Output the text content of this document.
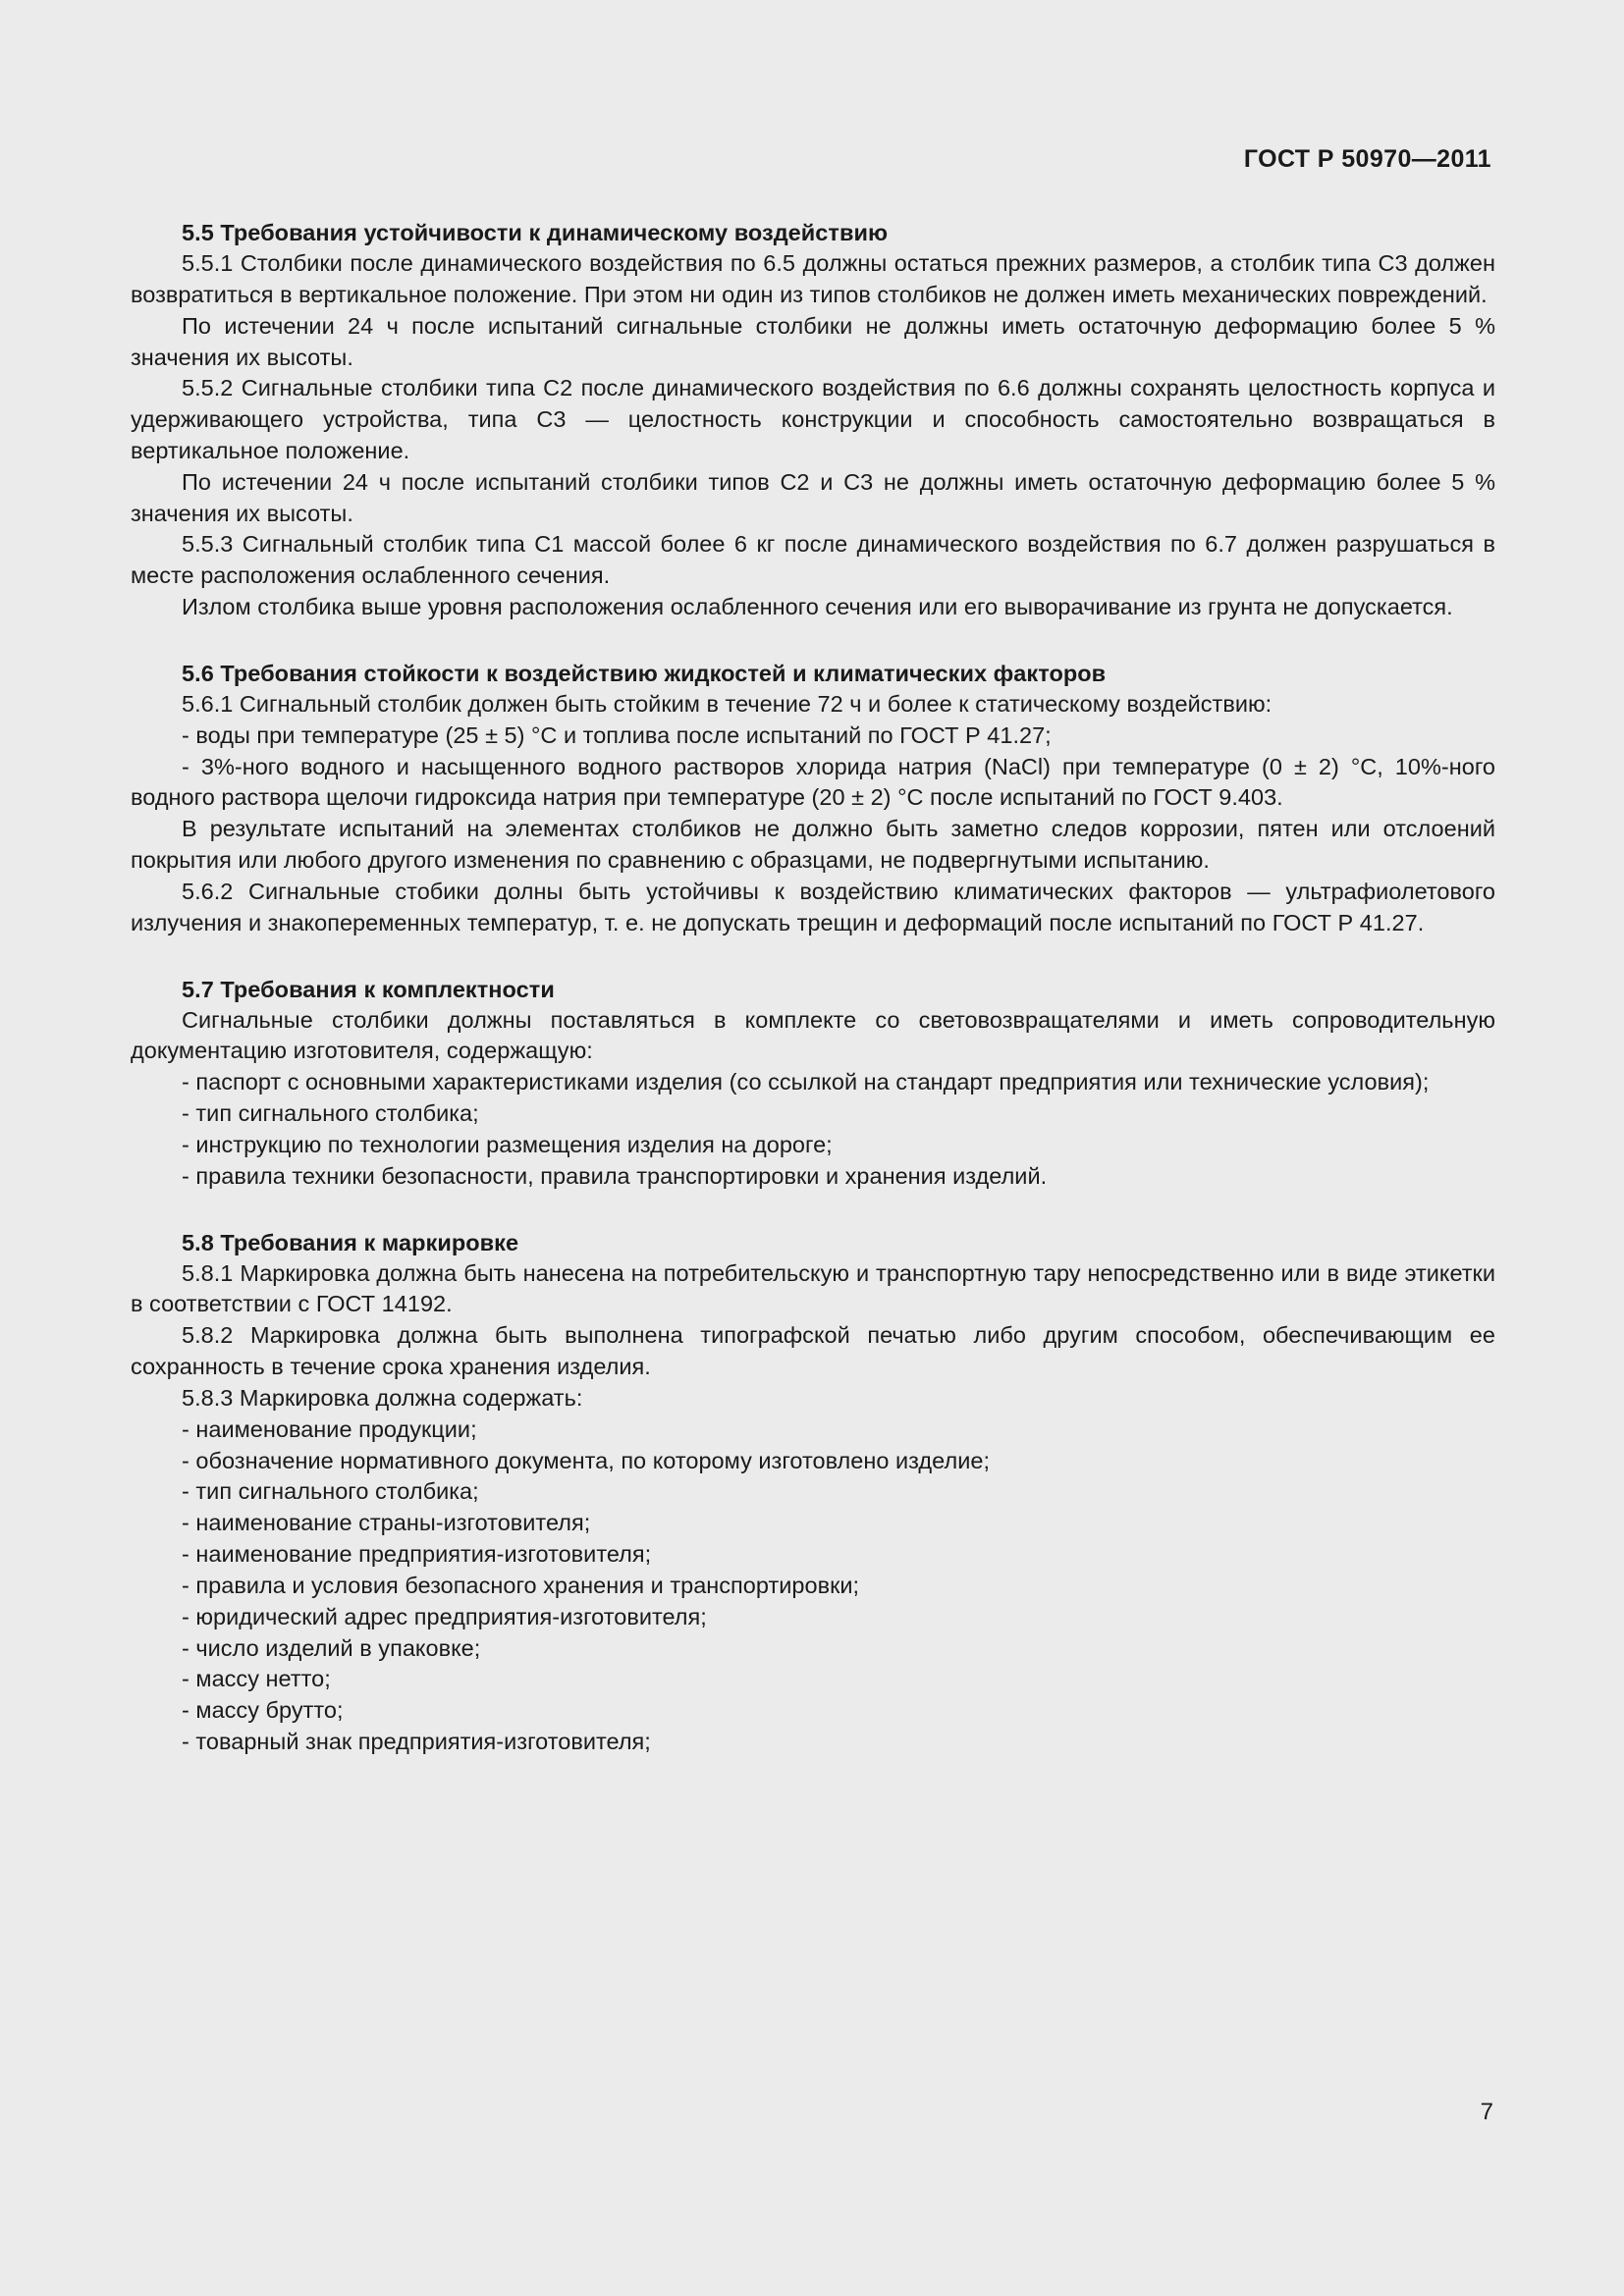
ГОСТ Р 50970—2011
5.5 Требования устойчивости к динамическому воздействию

5.5.1 Столбики после динамического воздействия по 6.5 должны остаться прежних размеров, а столбик типа С3 должен возвратиться в вертикальное положение. При этом ни один из типов столбиков не должен иметь механических повреждений.

По истечении 24 ч после испытаний сигнальные столбики не должны иметь остаточную деформацию более 5 % значения их высоты.

5.5.2 Сигнальные столбики типа С2 после динамического воздействия по 6.6 должны сохранять целостность корпуса и удерживающего устройства, типа С3 — целостность конструкции и способность самостоятельно возвращаться в вертикальное положение.

По истечении 24 ч после испытаний столбики типов С2 и С3 не должны иметь остаточную деформацию более 5 % значения их высоты.

5.5.3 Сигнальный столбик типа С1 массой более 6 кг после динамического воздействия по 6.7 должен разрушаться в месте расположения ослабленного сечения.

Излом столбика выше уровня расположения ослабленного сечения или его выворачивание из грунта не допускается.

5.6 Требования стойкости к воздействию жидкостей и климатических факторов

5.6.1 Сигнальный столбик должен быть стойким в течение 72 ч и более к статическому воздействию:

- воды при температуре (25 ± 5) °С и топлива после испытаний по ГОСТ Р 41.27;

- 3%-ного водного и насыщенного водного растворов хлорида натрия (NaCl) при температуре (0 ± 2) °С, 10%-ного водного раствора щелочи гидроксида натрия при температуре (20 ± 2) °С после испытаний по ГОСТ 9.403.

В результате испытаний на элементах столбиков не должно быть заметно следов коррозии, пятен или отслоений покрытия или любого другого изменения по сравнению с образцами, не подвергнутыми испытанию.

5.6.2 Сигнальные стобики долны быть устойчивы к воздействию климатических факторов — ультрафиолетового излучения и знакопеременных температур, т. е. не допускать трещин и деформаций после испытаний по ГОСТ Р 41.27.

5.7 Требования к комплектности

Сигнальные столбики должны поставляться в комплекте со световозвращателями и иметь сопроводительную документацию изготовителя, содержащую:

- паспорт с основными характеристиками изделия (со ссылкой на стандарт предприятия или технические условия);

- тип сигнального столбика;

- инструкцию по технологии размещения изделия на дороге;

- правила техники безопасности, правила транспортировки и хранения изделий.

5.8 Требования к маркировке

5.8.1 Маркировка должна быть нанесена на потребительскую и транспортную тару непосредственно или в виде этикетки в соответствии с ГОСТ 14192.

5.8.2 Маркировка должна быть выполнена типографской печатью либо другим способом, обеспечивающим ее сохранность в течение срока хранения изделия.

5.8.3 Маркировка должна содержать:

- наименование продукции;

- обозначение нормативного документа, по которому изготовлено изделие;

- тип сигнального столбика;

- наименование страны-изготовителя;

- наименование предприятия-изготовителя;

- правила и условия безопасного хранения и транспортировки;

- юридический адрес предприятия-изготовителя;

- число изделий в упаковке;

- массу нетто;

- массу брутто;

- товарный знак предприятия-изготовителя;

7
